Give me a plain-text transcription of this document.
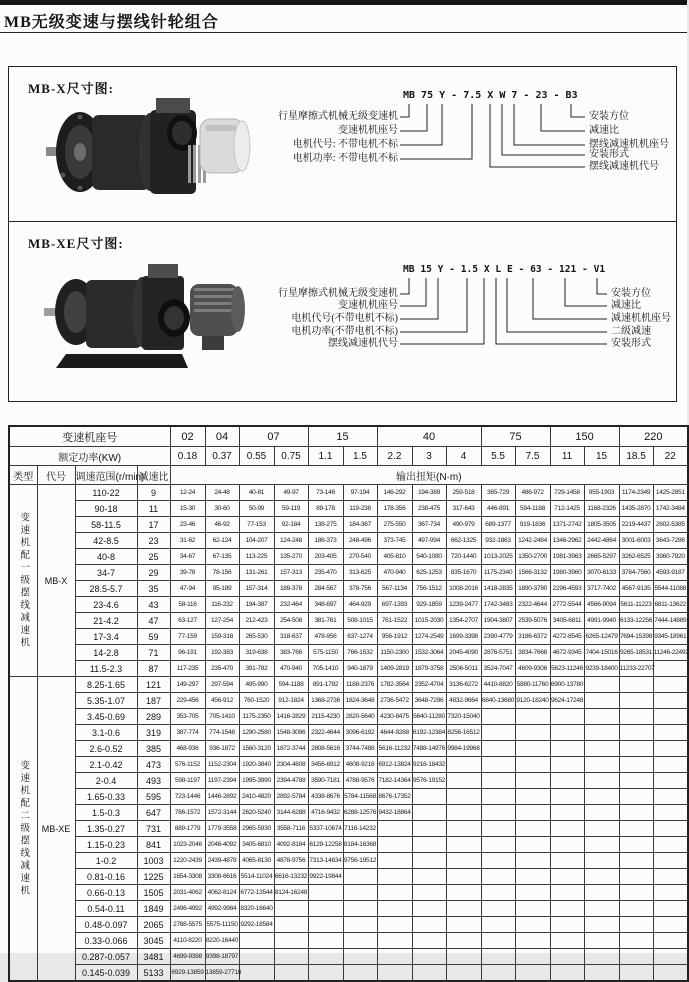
MB无级变速与摆线针轮组合
MB-X尺寸图:
MB-XE尺寸图:
MB 75 Y - 7.5 X W 7 - 23 - B3
行星摩擦式机械无级变速机
变速机机座号
电机代号: 不带电机不标
电机功率: 不带电机不标
安装方位
减速比
摆线减速机机座号
安装形式
摆线减速机代号
MB 15 Y - 1.5 X L E - 63 - 121 - V1
行星摩擦式机械无级变速机
变速机机座号
电机代号(不带电机不标)
电机功率(不带电机不标)
摆线减速机代号
安装方位
减速比
减速机机座号
二级减速
安装形式
变速机座号				02	04	07		15		40			75		150		220	
额定功率(KW)				0.18	0.37	0.55	0.75	1.1	1.5	2.2	3	4	5.5	7.5	11	15	18.5	22
类型	代号	调速范围(r/min)	减速比	输出扭矩(N·m)														
变速机配一级摆线减速机	MB-X	110-22	9	12-24	24-48	40-81	49-97	73-146	97-194	146-292	194-389	259-518	365-729	486-972	729-1458	955-1903	1174-2349	1425-2851
		90-18	11	15-30	30-60	50-99	59-119	89-178	119-238	178-356	238-475	317-643	446-891	594-1188	712-1425	1168-2326	1435-2870	1742-3484
		58-11.5	17	23-46	46-92	77-153	92-184	138-275	184-367	275-550	367-734	490-979	689-1377	919-1836	1371-2742	1805-3505	2219-4437	2602-5385
		42-8.5	23	31-62	62-124	104-207	124-248	186-373	248-496	373-745	497-994	662-1325	932-1863	1242-2484	1346-2962	2442-4864	3001-6003	3643-7286
		40-8	25	34-67	67-135	113-225	135-270	203-405	270-540	405-810	540-1080	720-1440	1013-2025	1350-2700	1981-3963	2665-5297	3262-6525	3960-7920
		34-7	29	39-78	78-156	131-261	157-313	235-470	313-625	470-940	625-1253	835-1670	1175-2340	1566-3132	1980-3960	3070-6133	3784-7560	4593-9187
		28.5-5.7	35	47-94	95-189	157-314	189-378	284-567	378-756	567-1134	756-1512	1008-2016	1418-2835	1890-3780	2296-4593	3717-7402	4567-9135	5544-11088
		23-4.6	43	58-116	116-232	194-387	232-464	348-697	464-929	697-1393	929-1859	1239-2477	1742-3483	2322-4644	2772-5544	4566-9094	5611-11223	6811-13622
		21-4.2	47	63-127	127-254	212-423	254-508	381-761	508-1015	761-1522	1015-2030	1354-2707	1904-3807	2539-5076	3405-6811	4991-9940	6133-12256	7444-14889
		17-3.4	59	77-159	159-318	265-530	318-637	478-956	637-1274	956-1912	1274-2549	1699-3398	2390-4779	3186-6372	4272-8545	6265-12479	7694-15398	9345-18961
		14-2.8	71	96-191	192-383	319-638	383-766	575-1150	766-1532	1150-2300	1532-3064	2045-4090	2876-5751	3834-7668	4672-9345	7404-15016	9265-18531	11246-22492
		11.5-2.3	87	117-235	235-470	391-782	470-940	705-1410	940-1879	1409-2819	1879-3758	2506-5011	3524-7047	4609-9306	5623-11246	9239-18400	11233-22707	
变速机配二级摆线减速机	MB-XE	8.25-1.65	121	149-297	297-594	495-990	594-1188	891-1782	1188-2376	1782-3564	2352-4704	3136-6272	4410-8820	5880-11760	6900-13780			
		5.35-1.07	187	229-456	456-912	760-1520	912-1824	1368-2736	1824-3648	2736-5472	3648-7296	4832-9664	6840-13680	9120-18240	9624-17248			
		3.45-0.69	289	353-705	705-1410	1175-2350	1416-2829	2115-4230	2820-5640	4230-8475	5640-11280	7320-15040						
		3.1-0.6	319	387-774	774-1548	1290-2580	1548-3096	2322-4644	3096-6192	4644-9288	6192-12384	8256-16512						
		2.6-0.52	385	468-936	936-1872	1560-3120	1872-3744	2808-5616	3744-7488	5616-11232	7488-14976	9984-19968						
		2.1-0.42	473	576-1152	1152-2304	1920-3840	2304-4608	3456-6912	4608-9216	6912-13824	9216-18432							
		2-0.4	493	598-1197	1197-2394	1995-3990	2394-4788	3590-7181	4788-9576	7182-14364	9576-19152							
		1.65-0.33	595	723-1446	1446-2892	2410-4820	2892-5784	4338-8676	5784-11568	8676-17352								
		1.5-0.3	647	786-1572	1572-3144	2620-5240	3144-6288	4716-9432	6288-12576	9432-18864								
		1.35-0.27	731	889-1779	1779-3558	2965-5930	3558-7116	5337-10674	7116-14232									
		1.15-0.23	841	1023-2046	2046-4092	3405-6810	4092-8184	6129-12258	8184-16368									
		1-0.2	1003	1220-2439	2439-4878	4065-8130	4878-9756	7313-14634	9756-19512									
		0.81-0.16	1225	1654-3308	3308-6616	5514-11024	6616-13232	9922-19844										
		0.66-0.13	1505	2031-4062	4062-8124	6772-13544	8124-16248											
		0.54-0.11	1849	2496-4992	4992-9984	8320-16640												
		0.48-0.097	2065	2788-5575	5575-11150	9292-18584												
		0.33-0.066	3045	4110-8220	8220-16440													
		0.287-0.057	3481	4699-9398	9398-18797													
		0.145-0.039	5133	6929-13859	13859-27718													
